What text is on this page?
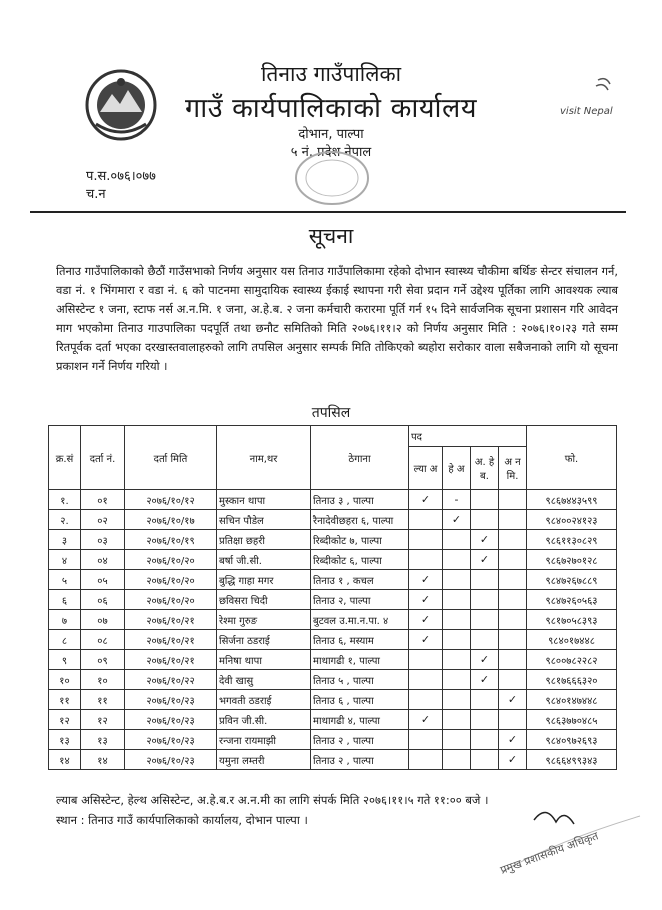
तिनाउ गाउँपालिका
गाउँ कार्यपालिकाको कार्यालय
दोभान, पाल्पा
५ नं. प्रदेश नेपाल
visit Nepal
प.स.०७६।०७७
च.न
सूचना
तिनाउ गाउँपालिकाको छैठौं गाउँसभाको निर्णय अनुसार यस तिनाउ गाउँपालिकामा रहेको दोभान स्वास्थ्य चौकीमा बर्थिङ सेन्टर संचालन गर्न, वडा नं. १ भिंगमारा र वडा नं. ६ को पाटनमा सामुदायिक स्वास्थ्य ईकाई स्थापना गरी सेवा प्रदान गर्ने उद्देश्य पूर्तिका लागि आवश्यक ल्याब असिस्टेन्ट १ जना, स्टाफ नर्स अ.न.मि. १ जना, अ.हे.ब. २ जना कर्मचारी करारमा पूर्ति गर्न १५ दिने सार्वजनिक सूचना प्रशासन गरि आवेदन माग भएकोमा तिनाउ गाउपालिका पदपूर्ति तथा छनौट समितिको मिति २०७६।११।२ को निर्णय अनुसार मिति : २०७६।१०।२३ गते सम्म रितपूर्वक दर्ता भएका दरखास्तवालाहरुको लागि तपसिल अनुसार सम्पर्क मिति तोकिएको ब्यहोरा सरोकार वाला सबैजनाको लागि यो सूचना प्रकाशन गर्ने निर्णय गरियो ।
तपसिल
क्र.सं	दर्ता नं.	दर्ता मिति	नाम,थर	ठेगाना	पद				फो.
					ल्या अ	हे अ	अ. हे ब.	अ न मि.	
१.	०१	२०७६/१०/१२	मुस्कान थापा	तिनाउ ३ , पाल्पा	✓	-			९८६७४४३५९९
२.	०२	२०७६/१०/१७	सचिन पौडेल	रैनादेवीछहरा ६, पाल्पा		✓			९८४००२४१२३
३	०३	२०७६/१०/१९	प्रतिक्षा छहरी	रिब्दीकोट ७, पाल्पा			✓		९८६११३०८२९
४	०४	२०७६/१०/२०	बर्षा जी.सी.	रिब्दीकोट ६, पाल्पा			✓		९८६७२७०१२८
५	०५	२०७६/१०/२०	बुद्धि गाहा मगर	तिनाउ १ , कचल	✓				९८४७२६७८८९
६	०६	२०७६/१०/२०	छविसरा चिदी	तिनाउ २, पाल्पा	✓				९८४७२६०५६३
७	०७	२०७६/१०/२१	रेश्मा गुरुङ	बुटवल उ.मा.न.पा. ४	✓				९८१७०५८३९३
८	०८	२०७६/१०/२१	सिर्जना ठडराई	तिनाउ ६, मस्याम	✓				९८४०१७४४८
९	०९	२०७६/१०/२१	मनिषा थापा	माथागढी १, पाल्पा			✓		९८००७८२२८२
१०	१०	२०७६/१०/२२	देवी खासु	तिनाउ ५ , पाल्पा			✓		९८१७६६६३२०
११	११	२०७६/१०/२३	भगवती ठडराई	तिनाउ ६ , पाल्पा				✓	९८४०१४७४४८
१२	१२	२०७६/१०/२३	प्रविन जी.सी.	माथागढी ४, पाल्पा	✓				९८६३७७०४८५
१३	१३	२०७६/१०/२३	रन्जना रायमाझी	तिनाउ २ , पाल्पा				✓	९८४०९७२६९३
१४	१४	२०७६/१०/२३	यमुना लम्तरी	तिनाउ २ , पाल्पा				✓	९८६६४९९३४३
ल्याब असिस्टेन्ट, हेल्थ असिस्टेन्ट, अ.हे.ब.र अ.न.मी का लागि संपर्क मिति २०७६।११।५ गते ११:०० बजे ।
स्थान : तिनाउ गाउँ कार्यपालिकाको कार्यालय, दोभान पाल्पा ।
प्रमुख प्रशासकीय अधिकृत
